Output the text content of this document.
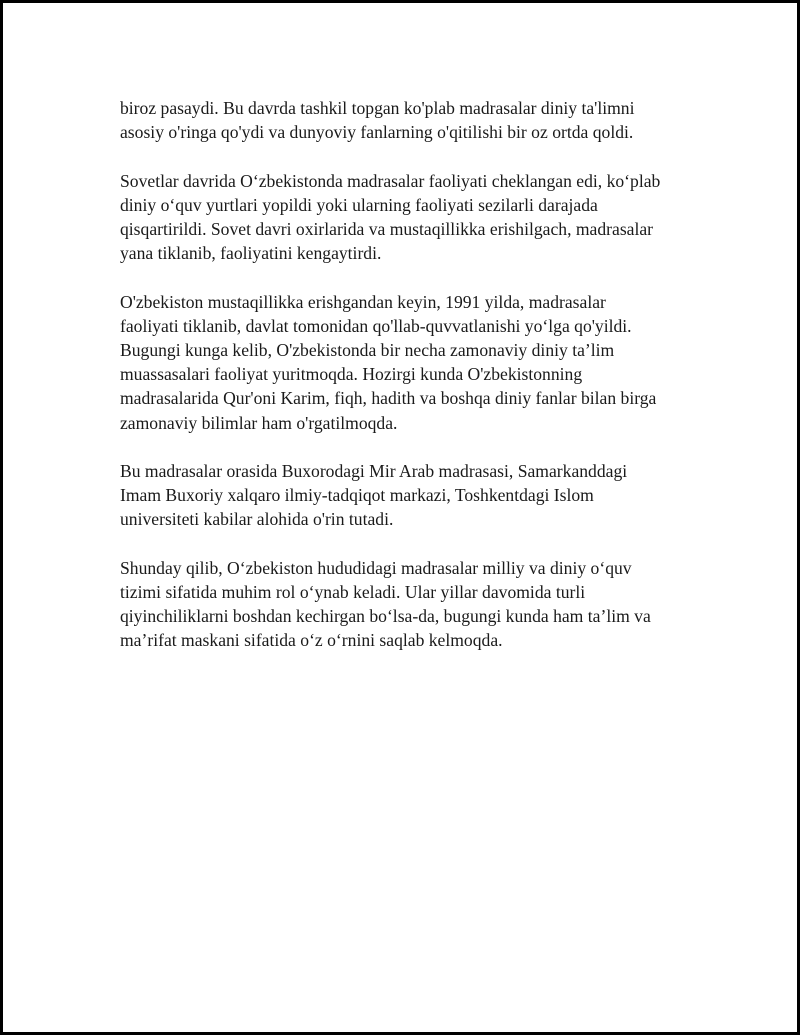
biroz pasaydi. Bu davrda tashkil topgan ko'plab madrasalar diniy ta'limni
asosiy o'ringa qo'ydi va dunyoviy fanlarning o'qitilishi bir oz ortda qoldi.

Sovetlar davrida O‘zbekistonda madrasalar faoliyati cheklangan edi, ko‘plab
diniy o‘quv yurtlari yopildi yoki ularning faoliyati sezilarli darajada
qisqartirildi. Sovet davri oxirlarida va mustaqillikka erishilgach, madrasalar
yana tiklanib, faoliyatini kengaytirdi.

O'zbekiston mustaqillikka erishgandan keyin, 1991 yilda, madrasalar
faoliyati tiklanib, davlat tomonidan qo'llab-quvvatlanishi yo‘lga qo'yildi.
Bugungi kunga kelib, O'zbekistonda bir necha zamonaviy diniy ta’lim
muassasalari faoliyat yuritmoqda. Hozirgi kunda O'zbekistonning
madrasalarida Qur'oni Karim, fiqh, hadith va boshqa diniy fanlar bilan birga
zamonaviy bilimlar ham o'rgatilmoqda.

Bu madrasalar orasida Buxorodagi Mir Arab madrasasi, Samarkanddagi
Imam Buxoriy xalqaro ilmiy-tadqiqot markazi, Toshkentdagi Islom
universiteti kabilar alohida o'rin tutadi.

Shunday qilib, O‘zbekiston hududidagi madrasalar milliy va diniy o‘quv
tizimi sifatida muhim rol o‘ynab keladi. Ular yillar davomida turli
qiyinchiliklarni boshdan kechirgan bo‘lsa-da, bugungi kunda ham ta’lim va
ma’rifat maskani sifatida o‘z o‘rnini saqlab kelmoqda.
